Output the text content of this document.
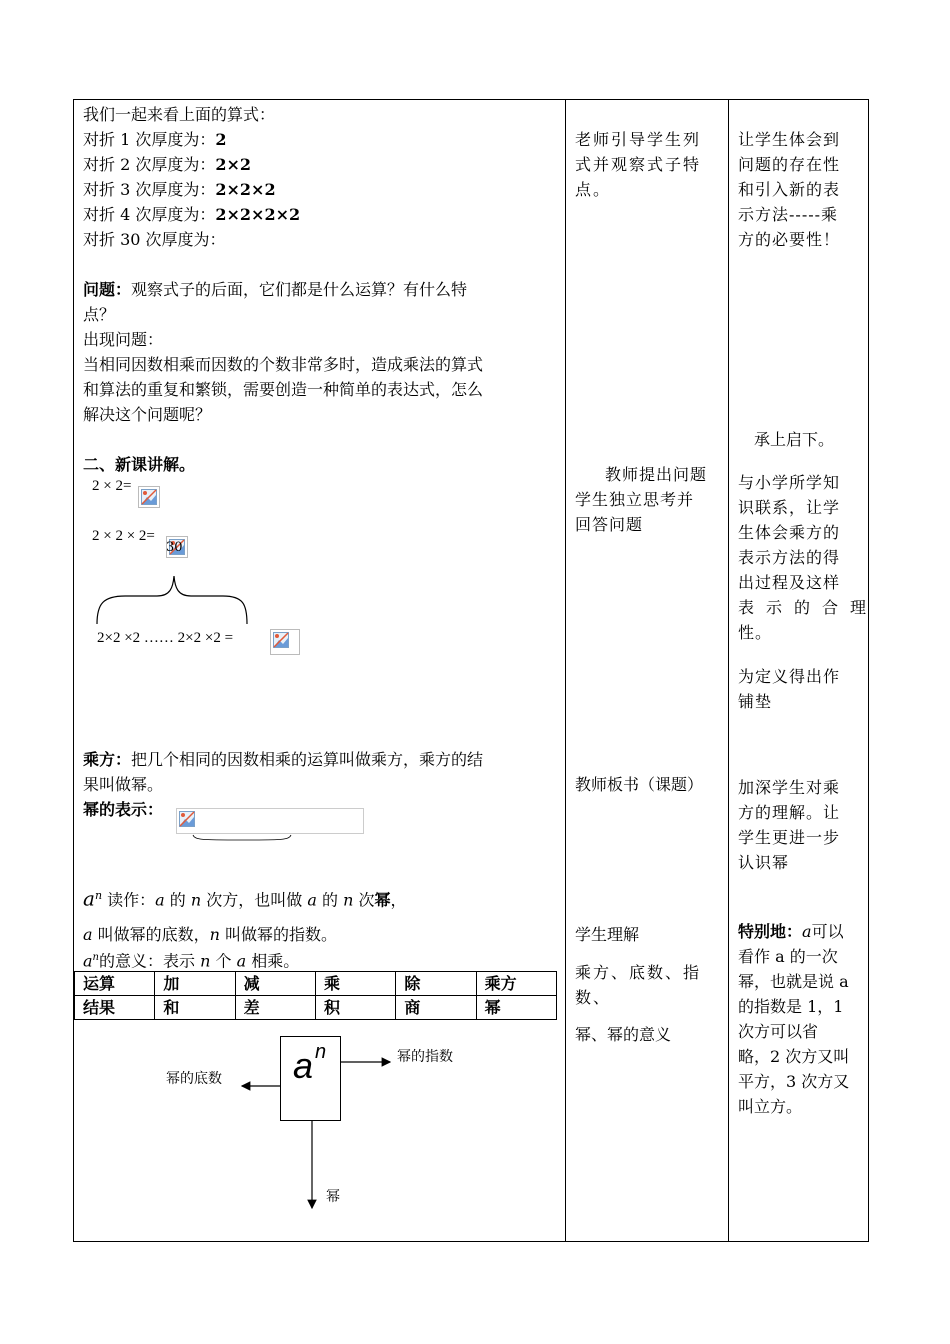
我们一起来看上面的算式：
对折 1 次厚度为：2
对折 2 次厚度为：2×2
对折 3 次厚度为：2×2×2
对折 4 次厚度为：2×2×2×2
对折 30 次厚度为：
问题：观察式子的后面，它们都是什么运算？有什么特
点？
出现问题：
当相同因数相乘而因数的个数非常多时，造成乘法的算式
和算法的重复和繁锁，需要创造一种简单的表达式，怎么
解决这个问题呢？
二、新课讲解。
2 × 2=
2 × 2 × 2=
30
2×2 ×2 …… 2×2 ×2 =
乘方：把几个相同的因数相乘的运算叫做乘方，乘方的结
果叫做幂。
幂的表示：
$a^n$ 读作：a 的 n 次方，也叫做 a 的 n 次幂，
a 叫做幂的底数，n 叫做幂的指数。
$a^n$的意义：表示 n 个 a 相乘。
运算	加	减	乘	除	乘方
结果	和	差	积	商	幂
a n	幂的指数
幂的底数
幂
老师引导学生列
式并观察式子特
点。
教师提出问题
学生独立思考并
回答问题
教师板书（课题）
学生理解
乘方、底数、指
数、
幂、幂的意义
让学生体会到
问题的存在性
和引入新的表
示方法-----乘
方的必要性！
承上启下。
与小学所学知
识联系，让学
生体会乘方的
表示方法的得
出过程及这样
表示的合理
性。
为定义得出作
铺垫
加深学生对乘
方的理解。让
学生更进一步
认识幂
特别地：a可以
看作 a 的一次
幂，也就是说 a
的指数是 1，1
次方可以省
略，2 次方又叫
平方，3 次方又
叫立方。
